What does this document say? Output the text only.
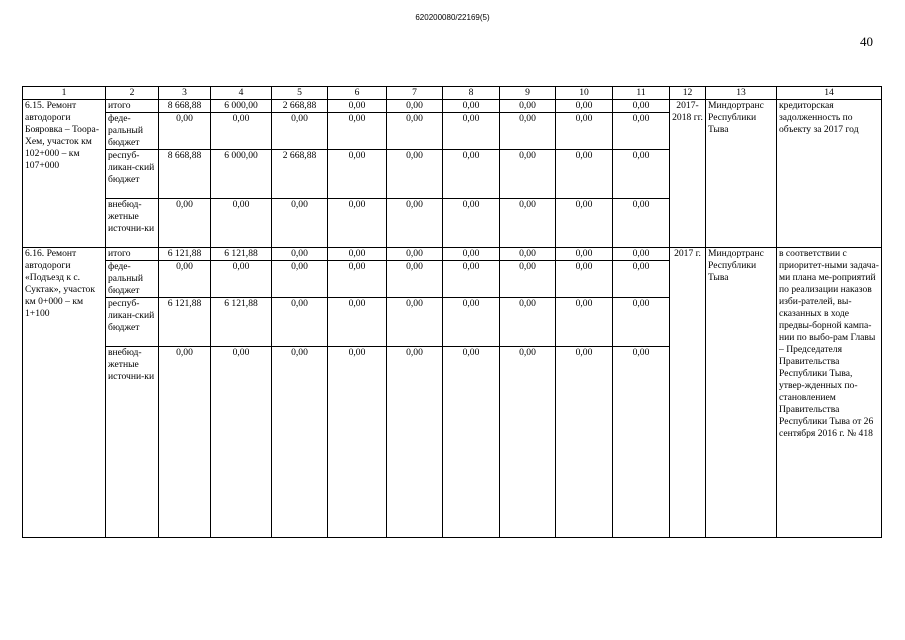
620200080/22169(5)
40
1	2	3	4	5	6	7	8	9	10	11	12	13	14
6.15. Ремонт автодороги Бояровка – Тоора-Хем, участок км 102+000 – км 107+000	итого	8 668,88	6 000,00	2 668,88	0,00	0,00	0,00	0,00	0,00	0,00	2017-2018 гг.	Миндортранс Республики Тыва	кредиторская задолженность по объекту за 2017 год
	феде-ральный бюджет	0,00	0,00	0,00	0,00	0,00	0,00	0,00	0,00	0,00			
	респуб-ликан-ский бюджет	8 668,88	6 000,00	2 668,88	0,00	0,00	0,00	0,00	0,00	0,00			
	внебюд-жетные источни-ки	0,00	0,00	0,00	0,00	0,00	0,00	0,00	0,00	0,00			
6.16. Ремонт автодороги «Подъезд к с. Суктак», участок км 0+000 – км 1+100	итого	6 121,88	6 121,88	0,00	0,00	0,00	0,00	0,00	0,00	0,00	2017 г.	Миндортранс Республики Тыва	в соответствии с приоритет-ными задача-ми плана ме-роприятий по реализации наказов изби-рателей, вы-сказанных в ходе предвы-борной кампа-нии по выбо-рам Главы – Председателя Правительства Республики Тыва, утвер-жденных по-становлением Правительства Республики Тыва от 26 сентября 2016 г. № 418
	феде-ральный бюджет	0,00	0,00	0,00	0,00	0,00	0,00	0,00	0,00	0,00			
	респуб-ликан-ский бюджет	6 121,88	6 121,88	0,00	0,00	0,00	0,00	0,00	0,00	0,00			
	внебюд-жетные источни-ки	0,00	0,00	0,00	0,00	0,00	0,00	0,00	0,00	0,00			
